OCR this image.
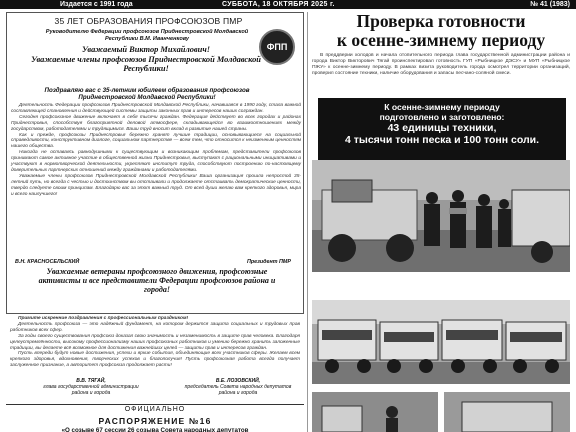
Издается с 1991 года	СУББОТА, 18 ОКТЯБРЯ 2025 г.	№ 41 (1983)
35 ЛЕТ ОБРАЗОВАНИЯ ПРОФСОЮЗОВ ПМР
ФПП
Руководителю Федерации профсоюзов Приднестровской Молдавской Республики В.М. Иванченкову
Уважаемый Виктор Михайлович!
Уважаемые члены профсоюзов Приднестровской Молдавской Республики!
Поздравляю вас с 35-летним юбилеем образования профсоюзов Приднестровской Молдавской Республики!

Деятельность Федерации профсоюзов Приднестровской Молдавской Республики, начавшаяся в 1990 году, стала важной составляющей становления и действующей системы защиты законных прав и интересов наших сограждан.

Сегодня профсоюзное движение включает в себя тысячи граждан. Федерация действует во всех городах и районах Приднестровья, способствуя благоприятной деловой атмосфере, складывающейся во взаимоотношениях между государством, работодателями и трудящимися. Ваши труд вносит вклад в развитие нашей страны.

Как и прежде, профсоюзы Приднестровья бережно хранят лучшие традиции, основывающиеся на социальной справедливости, конструктивном диалоге, социальном партнерстве — всем тем, что относится к неизменным ценностям нашего общества.

Никогда не оставаясь равнодушными к существующим и возникающим проблемам, представители профсоюзов принимают самое активное участие в общественной жизни Приднестровья, выступают с рациональными инициативами и участвуют в нормотворческой деятельности, укрепляют институт труда, способствуют построению по-настоящему доверительных партнерских отношений между гражданами и работодателями.

Уважаемые члены профсоюзов Приднестровской Молдавской Республики! Ваша организация прошла непростой 35-летний путь, но всегда с честью и достоинством вы отстаивали и продолжаете отстаивать демократические ценности, твердо следуете своим принципам. Благодарю вас за этот важный труд. От всей души желаю вам крепкого здоровья, мира и всего наилучшего!

В.Н. КРАСНОСЕЛЬСКИЙ	Президент ПМР
Уважаемые ветераны профсоюзного движения, профсоюзные активисты и все представители Федерации профсоюзов района и города!

Примите искренние поздравления с профессиональным праздником!

Деятельность профсоюза — это надёжный фундамент, на котором держится защита социальных и трудовых прав работников всех сфер.

За годы своего существования профсоюз доказал свою значимость и незаменимость в защите прав человека. Благодаря целеустремлённости, высокому профессионализму наших профсоюзных работников и умению бережно хранить заложенные традиции, вы делаете всё возможное для достижения важнейших целей — защиты прав и интересов граждан.

Пусть впереди будут новые достижения, успехи и яркие события, объединяющие всех участников сферы. Желаем всем крепкого здоровья, вдохновения, творческих успехов и благополучия! Пусть профсоюзная работа всегда получает заслуженное признание, а авторитет профсоюза продолжает расти!

В.В. ТЯГАЙ,
глава государственной администрации района и города
В.Е. ЛОЗОВСКИЙ,
председатель Совета народных депутатов района и города
ОФИЦИАЛЬНО
РАСПОРЯЖЕНИЕ №16
«О созыве 67 сессии 26 созыва Совета народных депутатов
Проверка готовности
к осенне-зимнему периоду

В преддверии холодов и начала отопительного периода глава государственной администрации района и города Виктор Викторович Тягай проинспектировал готовность ГУП «Рыбницкое ДЭСУ» и МУП «Рыбницкое ПЖУ» к осенне-зимнему периоду. В рамках визита руководитель города осмотрел территории организаций, проверил состояние техники, наличие оборудования и запасы песчано-соляной смеси.

К осенне-зимнему периоду
подготовлено и заготовлено:
43 единицы техники,
4 тысячи тонн песка и 100 тонн соли.
